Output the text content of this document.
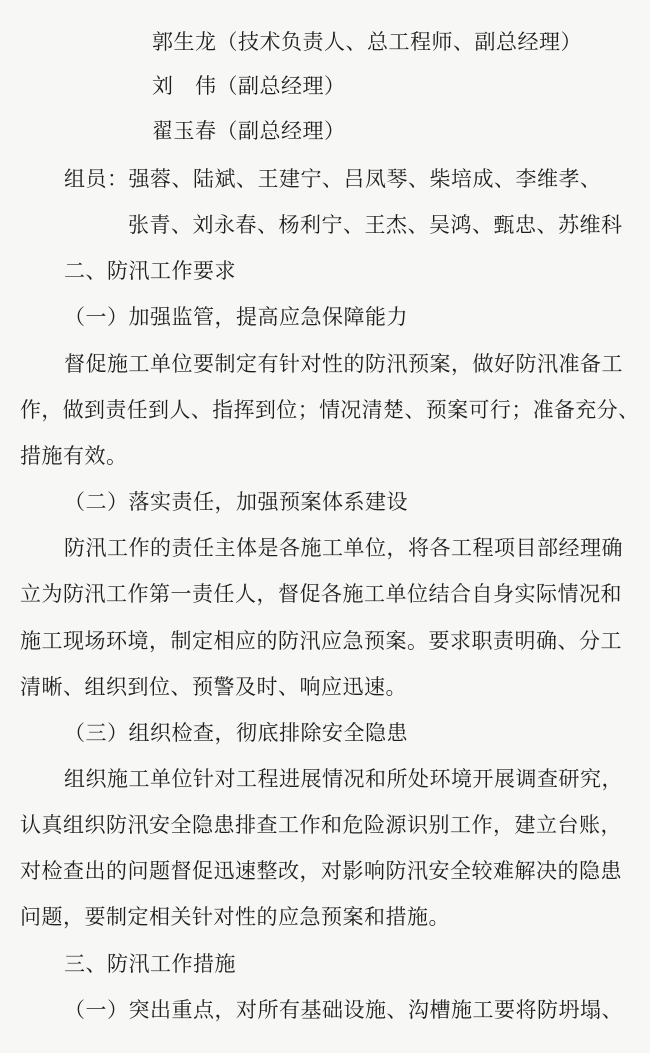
郭生龙（技术负责人、总工程师、副总经理）
刘　伟（副总经理）
翟玉春（副总经理）
组员：强蓉、陆斌、王建宁、吕凤琴、柴培成、李维孝、
张青、刘永春、杨利宁、王杰、吴鸿、甄忠、苏维科
二、防汛工作要求
（一）加强监管，提高应急保障能力
督促施工单位要制定有针对性的防汛预案，做好防汛准备工
作，做到责任到人、指挥到位；情况清楚、预案可行；准备充分、
措施有效。
（二）落实责任，加强预案体系建设
防汛工作的责任主体是各施工单位，将各工程项目部经理确
立为防汛工作第一责任人，督促各施工单位结合自身实际情况和
施工现场环境，制定相应的防汛应急预案。要求职责明确、分工
清晰、组织到位、预警及时、响应迅速。
（三）组织检查，彻底排除安全隐患
组织施工单位针对工程进展情况和所处环境开展调查研究，
认真组织防汛安全隐患排查工作和危险源识别工作，建立台账，
对检查出的问题督促迅速整改，对影响防汛安全较难解决的隐患
问题，要制定相关针对性的应急预案和措施。
三、防汛工作措施
（一）突出重点，对所有基础设施、沟槽施工要将防坍塌、
